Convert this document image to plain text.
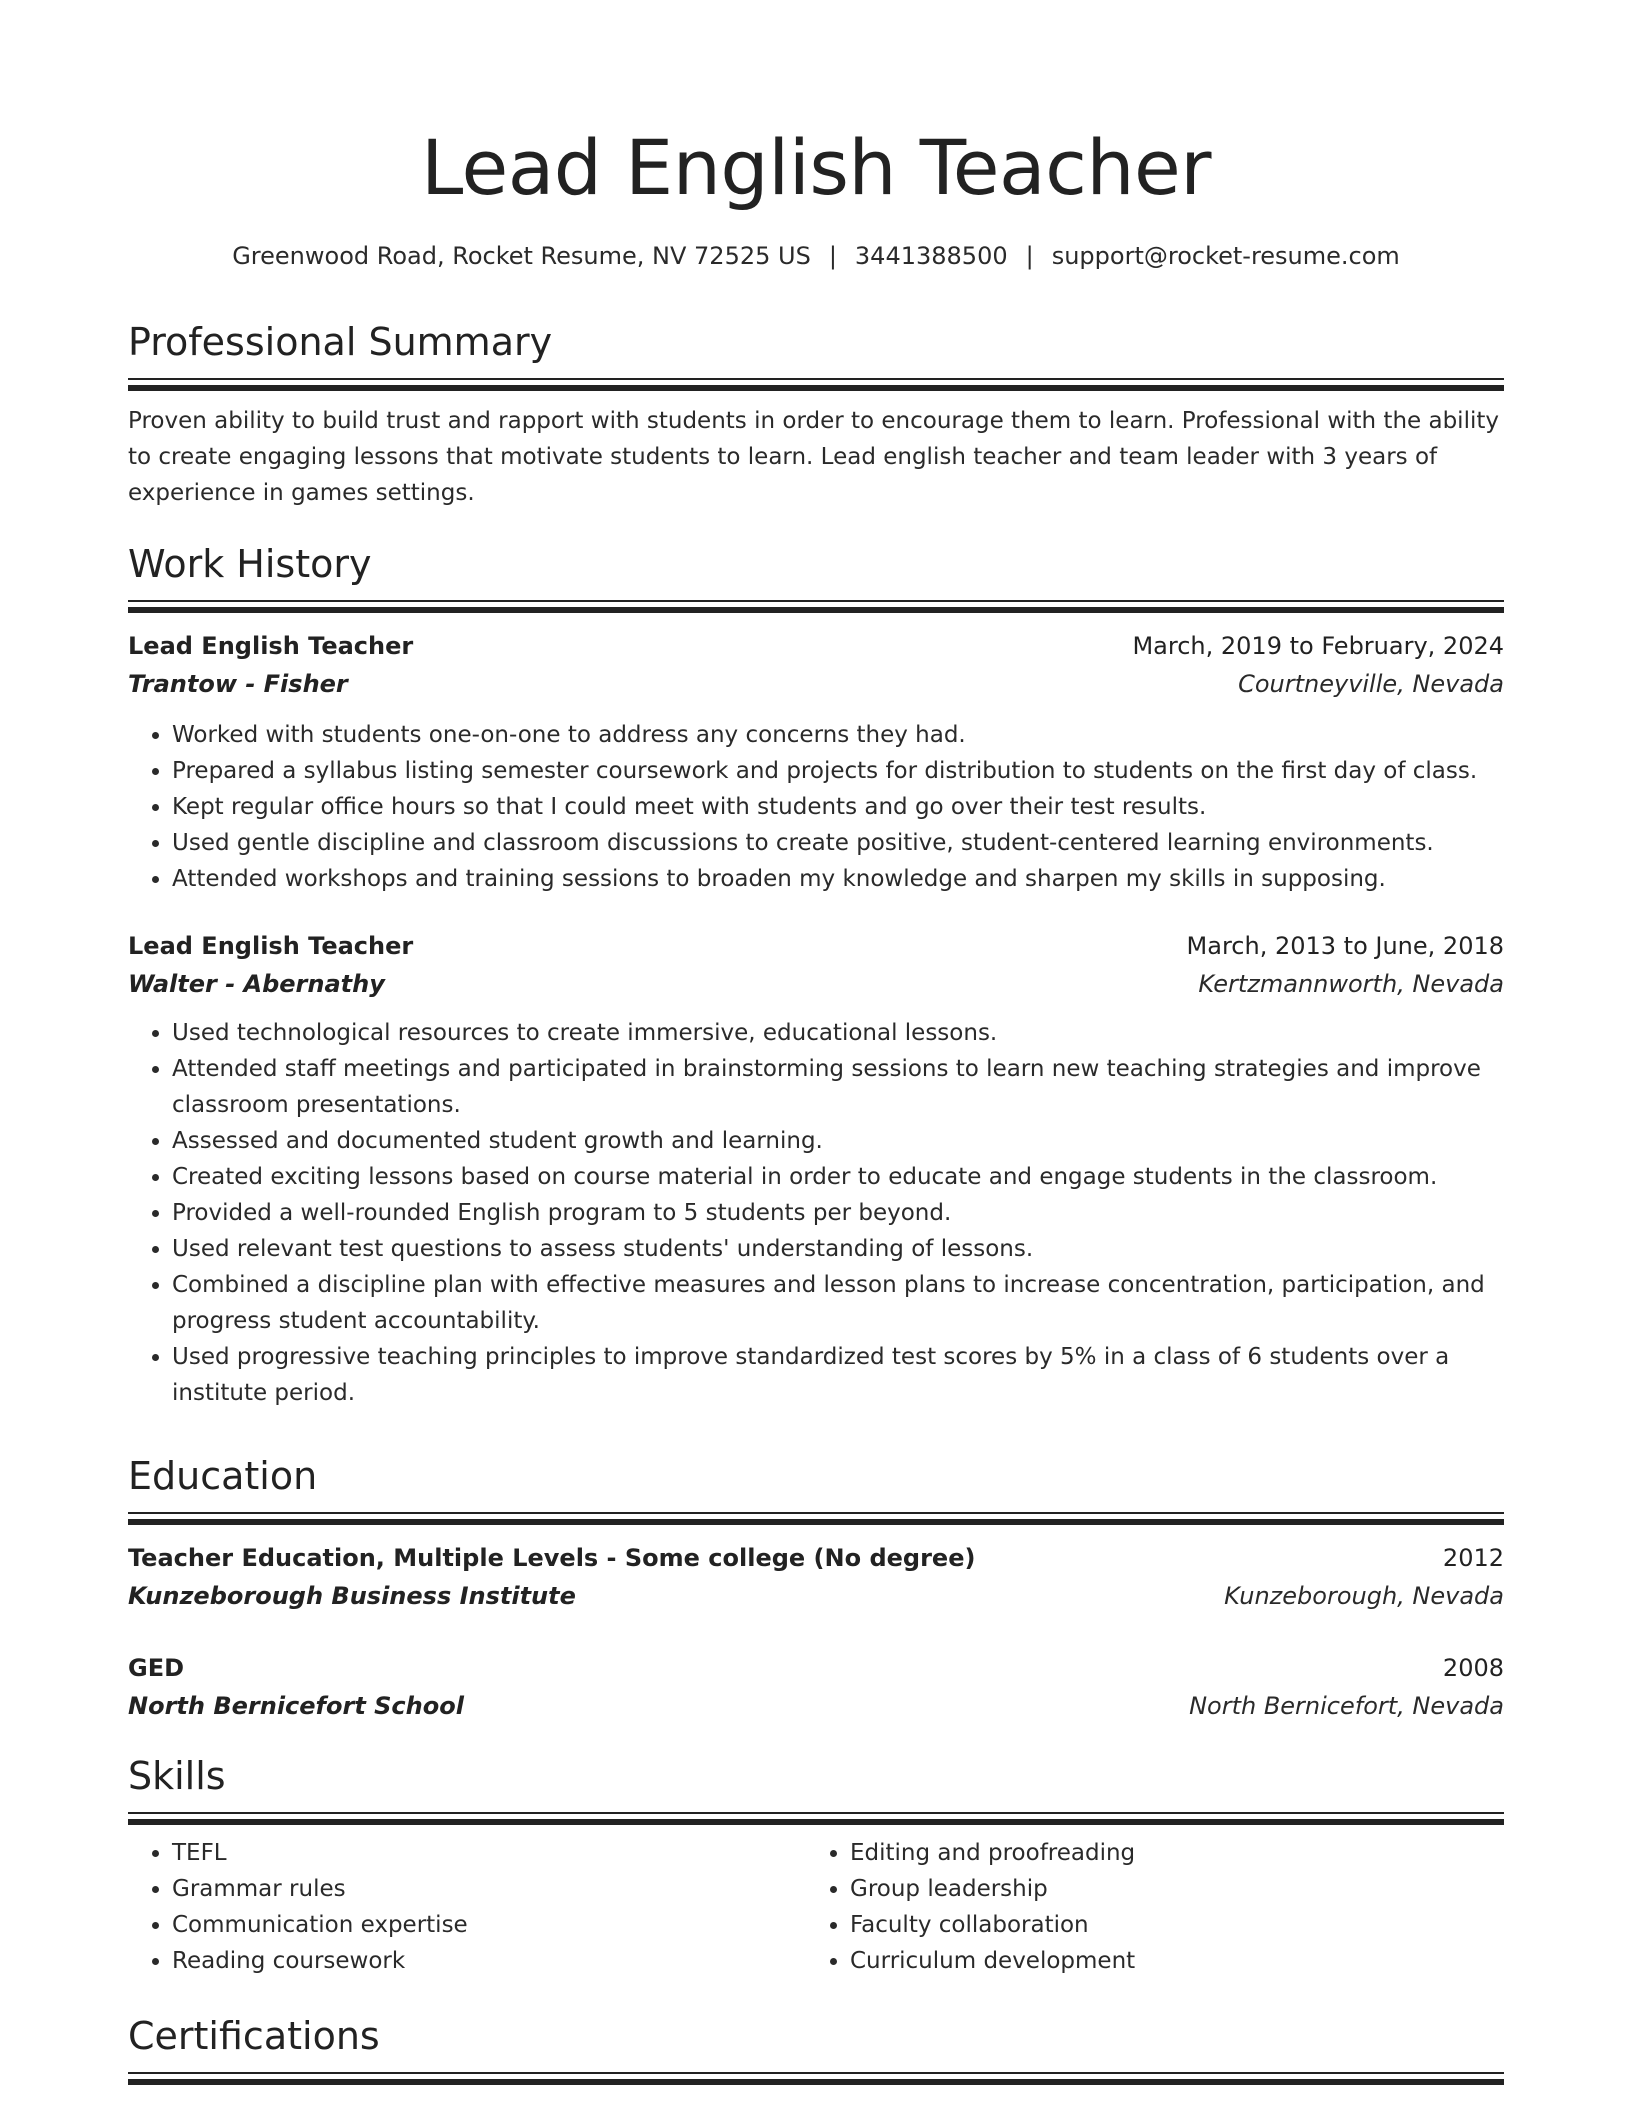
Lead English Teacher
Greenwood Road, Rocket Resume, NV 72525 US | 3441388500 | support@rocket-resume.com
Professional Summary
Proven ability to build trust and rapport with students in order to encourage them to learn. Professional with the ability to create engaging lessons that motivate students to learn. Lead english teacher and team leader with 3 years of experience in games settings.
Work History
Lead English Teacher	March, 2019 to February, 2024
Trantow - Fisher	Courtneyville, Nevada
• Worked with students one-on-one to address any concerns they had.
• Prepared a syllabus listing semester coursework and projects for distribution to students on the first day of class.
• Kept regular office hours so that I could meet with students and go over their test results.
• Used gentle discipline and classroom discussions to create positive, student-centered learning environments.
• Attended workshops and training sessions to broaden my knowledge and sharpen my skills in supposing.
Lead English Teacher	March, 2013 to June, 2018
Walter - Abernathy	Kertzmannworth, Nevada
• Used technological resources to create immersive, educational lessons.
• Attended staff meetings and participated in brainstorming sessions to learn new teaching strategies and improve classroom presentations.
• Assessed and documented student growth and learning.
• Created exciting lessons based on course material in order to educate and engage students in the classroom.
• Provided a well-rounded English program to 5 students per beyond.
• Used relevant test questions to assess students' understanding of lessons.
• Combined a discipline plan with effective measures and lesson plans to increase concentration, participation, and progress student accountability.
• Used progressive teaching principles to improve standardized test scores by 5% in a class of 6 students over a institute period.
Education
Teacher Education, Multiple Levels - Some college (No degree)	2012
Kunzeborough Business Institute	Kunzeborough, Nevada
GED	2008
North Bernicefort School	North Bernicefort, Nevada
Skills
• TEFL
• Grammar rules
• Communication expertise
• Reading coursework
• Editing and proofreading
• Group leadership
• Faculty collaboration
• Curriculum development
Certifications
